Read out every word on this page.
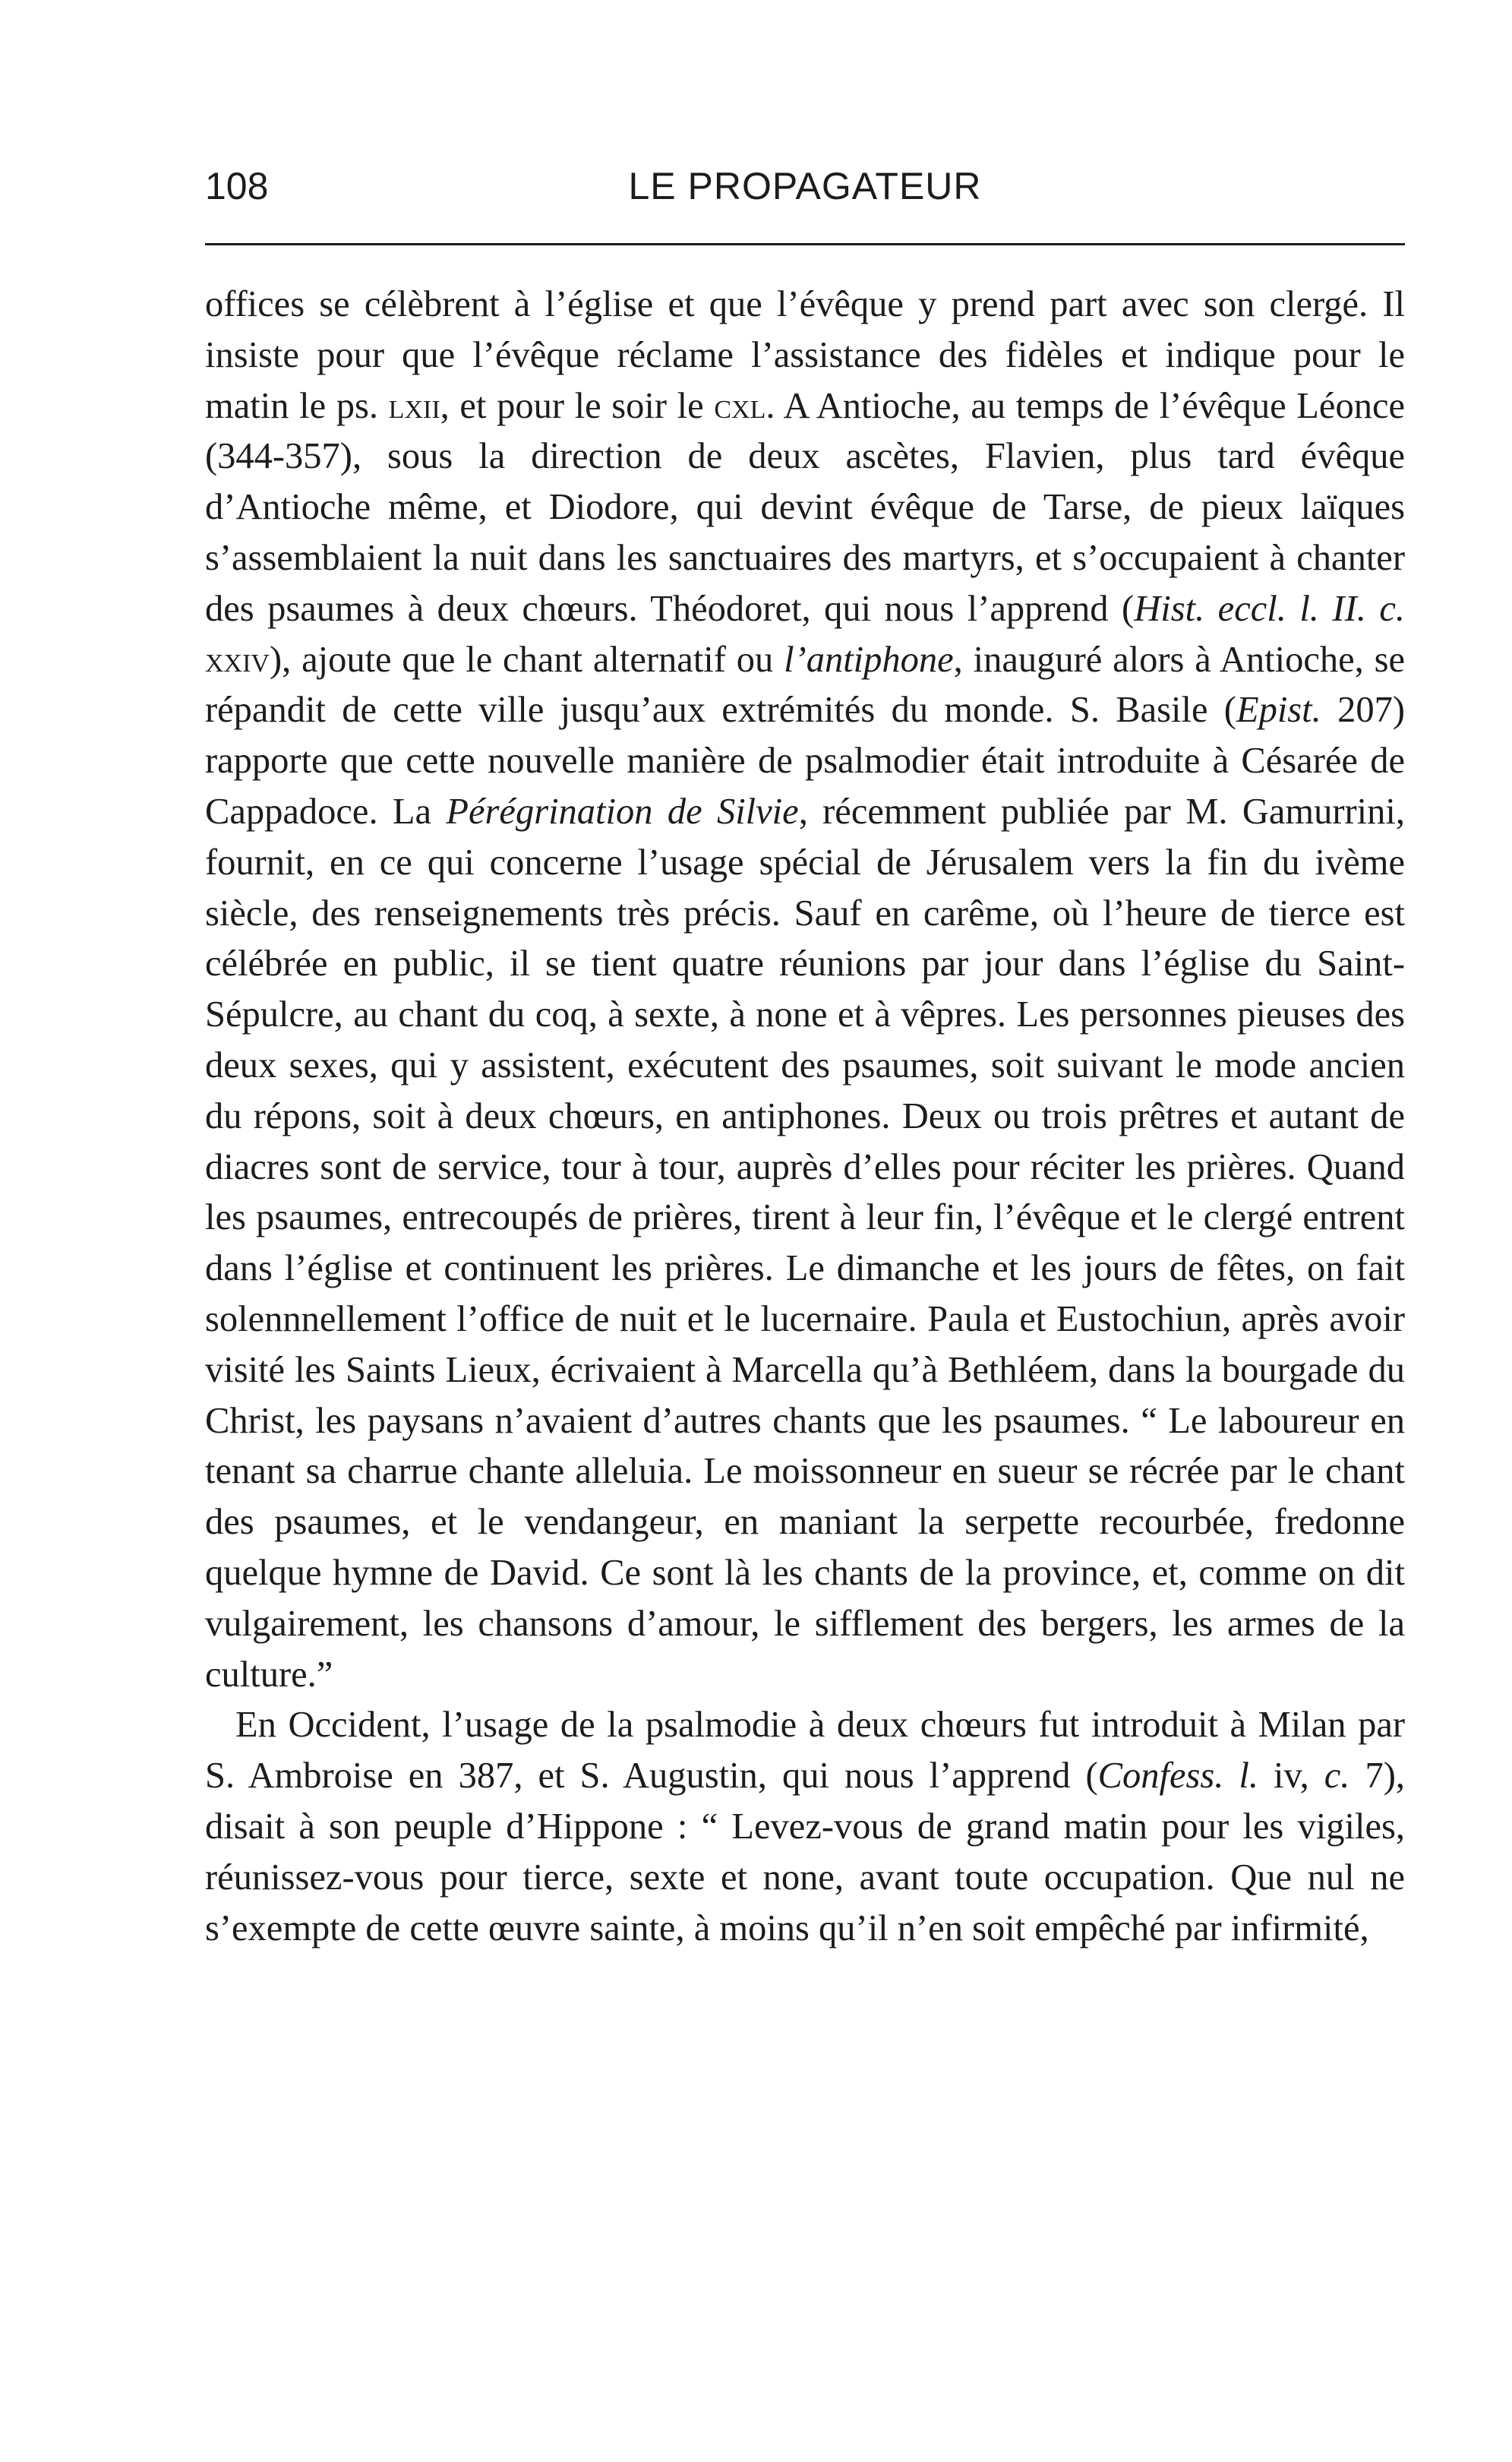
108	LE PROPAGATEUR

offices se célèbrent à l’église et que l’évêque y prend part avec son clergé. Il insiste pour que l’évêque réclame l’assistance des fidèles et indique pour le matin le ps. lxii, et pour le soir le cxl. A Antioche, au temps de l’évêque Léonce (344-357), sous la direction de deux ascètes, Flavien, plus tard évêque d’Antioche même, et Diodore, qui devint évêque de Tarse, de pieux laïques s’assemblaient la nuit dans les sanctuaires des martyrs, et s’occupaient à chanter des psaumes à deux chœurs. Théodoret, qui nous l’apprend (Hist. eccl. l. II. c. xxiv), ajoute que le chant alternatif ou l’antiphone, inauguré alors à Antioche, se répandit de cette ville jusqu’aux extrémités du monde. S. Basile (Epist. 207) rapporte que cette nouvelle manière de psalmodier était introduite à Césarée de Cappadoce. La Pérégrination de Silvie, récemment publiée par M. Gamurrini, fournit, en ce qui concerne l’usage spécial de Jérusalem vers la fin du ivème siècle, des renseignements très précis. Sauf en carême, où l’heure de tierce est célébrée en public, il se tient quatre réunions par jour dans l’église du Saint-Sépulcre, au chant du coq, à sexte, à none et à vêpres. Les personnes pieuses des deux sexes, qui y assistent, exécutent des psaumes, soit suivant le mode ancien du répons, soit à deux chœurs, en antiphones. Deux ou trois prêtres et autant de diacres sont de service, tour à tour, auprès d’elles pour réciter les prières. Quand les psaumes, entrecoupés de prières, tirent à leur fin, l’évêque et le clergé entrent dans l’église et continuent les prières. Le dimanche et les jours de fêtes, on fait solennnellement l’office de nuit et le lucernaire. Paula et Eustochiun, après avoir visité les Saints Lieux, écrivaient à Marcella qu’à Bethléem, dans la bourgade du Christ, les paysans n’avaient d’autres chants que les psaumes. “ Le laboureur en tenant sa charrue chante alleluia. Le moissonneur en sueur se récrée par le chant des psaumes, et le vendangeur, en maniant la serpette recourbée, fredonne quelque hymne de David. Ce sont là les chants de la province, et, comme on dit vulgairement, les chansons d’amour, le sifflement des bergers, les armes de la culture.”

En Occident, l’usage de la psalmodie à deux chœurs fut introduit à Milan par S. Ambroise en 387, et S. Augustin, qui nous l’apprend (Confess. l. iv, c. 7), disait à son peuple d’Hippone : “ Levez-vous de grand matin pour les vigiles, réunissez-vous pour tierce, sexte et none, avant toute occupation. Que nul ne s’exempte de cette œuvre sainte, à moins qu’il n’en soit empêché par infirmité,
